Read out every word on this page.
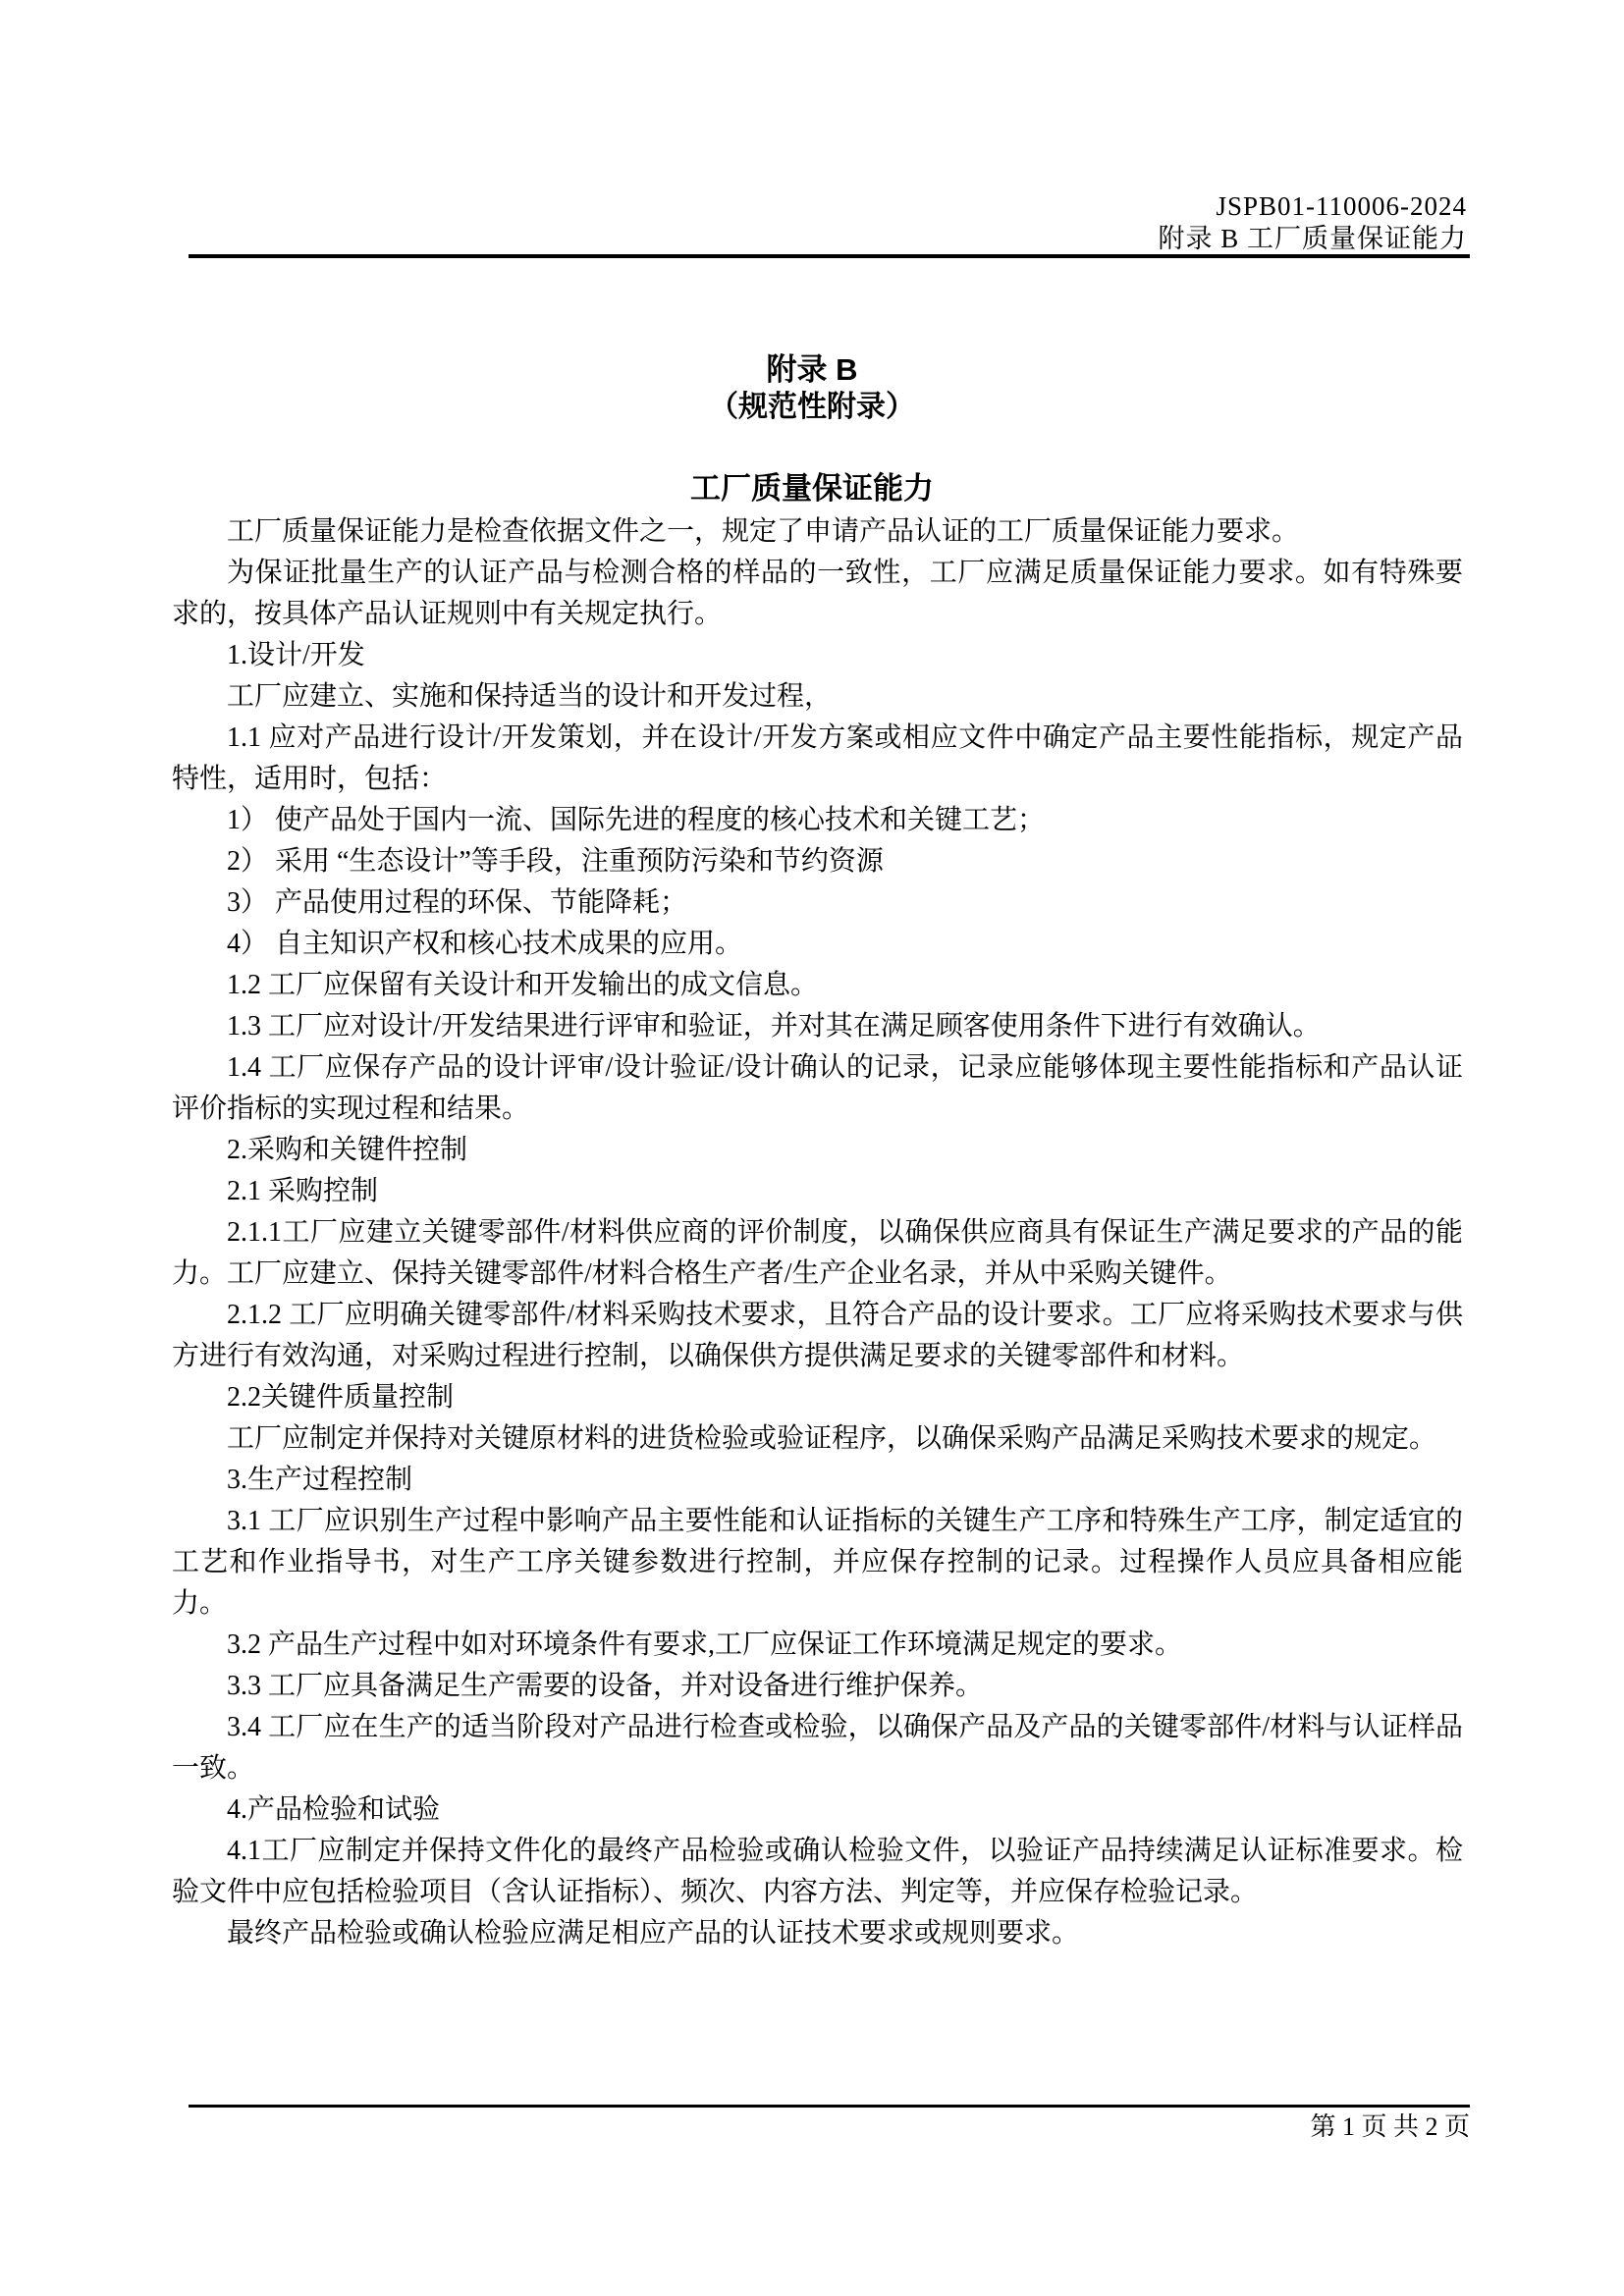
JSPB01-110006-2024
附录 B 工厂质量保证能力
附录 B
（规范性附录）
工厂质量保证能力

工厂质量保证能力是检查依据文件之一，规定了申请产品认证的工厂质量保证能力要求。

为保证批量生产的认证产品与检测合格的样品的一致性，工厂应满足质量保证能力要求。如有特殊要求的，按具体产品认证规则中有关规定执行。

1.设计/开发

工厂应建立、实施和保持适当的设计和开发过程，

1.1 应对产品进行设计/开发策划，并在设计/开发方案或相应文件中确定产品主要性能指标，规定产品特性，适用时，包括：

1） 使产品处于国内一流、国际先进的程度的核心技术和关键工艺；

2） 采用 “生态设计”等手段，注重预防污染和节约资源

3） 产品使用过程的环保、节能降耗；

4） 自主知识产权和核心技术成果的应用。

1.2 工厂应保留有关设计和开发输出的成文信息。

1.3 工厂应对设计/开发结果进行评审和验证，并对其在满足顾客使用条件下进行有效确认。

1.4 工厂应保存产品的设计评审/设计验证/设计确认的记录，记录应能够体现主要性能指标和产品认证评价指标的实现过程和结果。

2.采购和关键件控制

2.1 采购控制

2.1.1工厂应建立关键零部件/材料供应商的评价制度，以确保供应商具有保证生产满足要求的产品的能力。工厂应建立、保持关键零部件/材料合格生产者/生产企业名录，并从中采购关键件。

2.1.2 工厂应明确关键零部件/材料采购技术要求，且符合产品的设计要求。工厂应将采购技术要求与供方进行有效沟通，对采购过程进行控制，以确保供方提供满足要求的关键零部件和材料。

2.2关键件质量控制

工厂应制定并保持对关键原材料的进货检验或验证程序，以确保采购产品满足采购技术要求的规定。

3.生产过程控制

3.1 工厂应识别生产过程中影响产品主要性能和认证指标的关键生产工序和特殊生产工序，制定适宜的工艺和作业指导书，对生产工序关键参数进行控制，并应保存控制的记录。过程操作人员应具备相应能力。

3.2 产品生产过程中如对环境条件有要求,工厂应保证工作环境满足规定的要求。

3.3 工厂应具备满足生产需要的设备，并对设备进行维护保养。

3.4 工厂应在生产的适当阶段对产品进行检查或检验，以确保产品及产品的关键零部件/材料与认证样品一致。

4.产品检验和试验

4.1工厂应制定并保持文件化的最终产品检验或确认检验文件，以验证产品持续满足认证标准要求。检验文件中应包括检验项目（含认证指标）、频次、内容方法、判定等，并应保存检验记录。

最终产品检验或确认检验应满足相应产品的认证技术要求或规则要求。

第 1 页 共 2 页
